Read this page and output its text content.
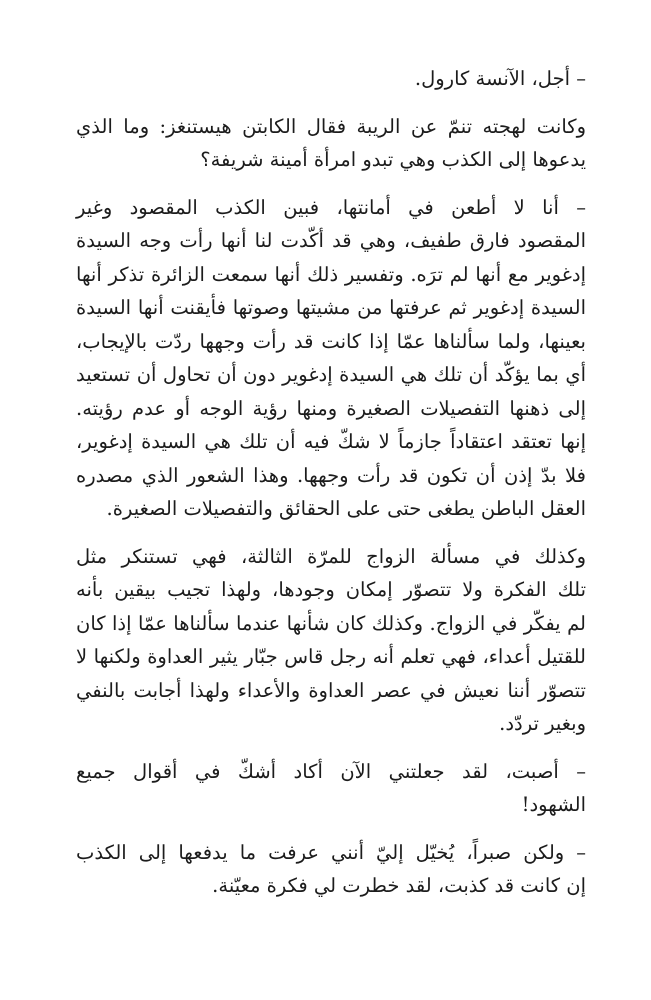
– أجل، الآنسة كارول.

وكانت لهجته تنمّ عن الريبة فقال الكابتن هيستنغز: وما الذي
يدعوها إلى الكذب وهي تبدو امرأة أمينة شريفة؟

– أنا لا أطعن في أمانتها، فبين الكذب المقصود وغير
المقصود فارق طفيف، وهي قد أكّدت لنا أنها رأت وجه السيدة
إدغوير مع أنها لم ترَه. وتفسير ذلك أنها سمعت الزائرة تذكر أنها
السيدة إدغوير ثم عرفتها من مشيتها وصوتها فأيقنت أنها السيدة
بعينها، ولما سألناها عمّا إذا كانت قد رأت وجهها ردّت بالإيجاب،
أي بما يؤكّد أن تلك هي السيدة إدغوير دون أن تحاول أن تستعيد
إلى ذهنها التفصيلات الصغيرة ومنها رؤية الوجه أو عدم رؤيته.
إنها تعتقد اعتقاداً جازماً لا شكّ فيه أن تلك هي السيدة إدغوير،
فلا بدّ إذن أن تكون قد رأت وجهها. وهذا الشعور الذي مصدره
العقل الباطن يطغى حتى على الحقائق والتفصيلات الصغيرة.

وكذلك في مسألة الزواج للمرّة الثالثة، فهي تستنكر مثل
تلك الفكرة ولا تتصوّر إمكان وجودها، ولهذا تجيب بيقين بأنه
لم يفكّر في الزواج. وكذلك كان شأنها عندما سألناها عمّا إذا كان
للقتيل أعداء، فهي تعلم أنه رجل قاس جبّار يثير العداوة ولكنها لا
تتصوّر أننا نعيش في عصر العداوة والأعداء ولهذا أجابت بالنفي
وبغير تردّد.

– أصبت، لقد جعلتني الآن أكاد أشكّ في أقوال جميع
الشهود!

– ولكن صبراً، يُخيّل إليّ أنني عرفت ما يدفعها إلى الكذب
إن كانت قد كذبت، لقد خطرت لي فكرة معيّنة.
